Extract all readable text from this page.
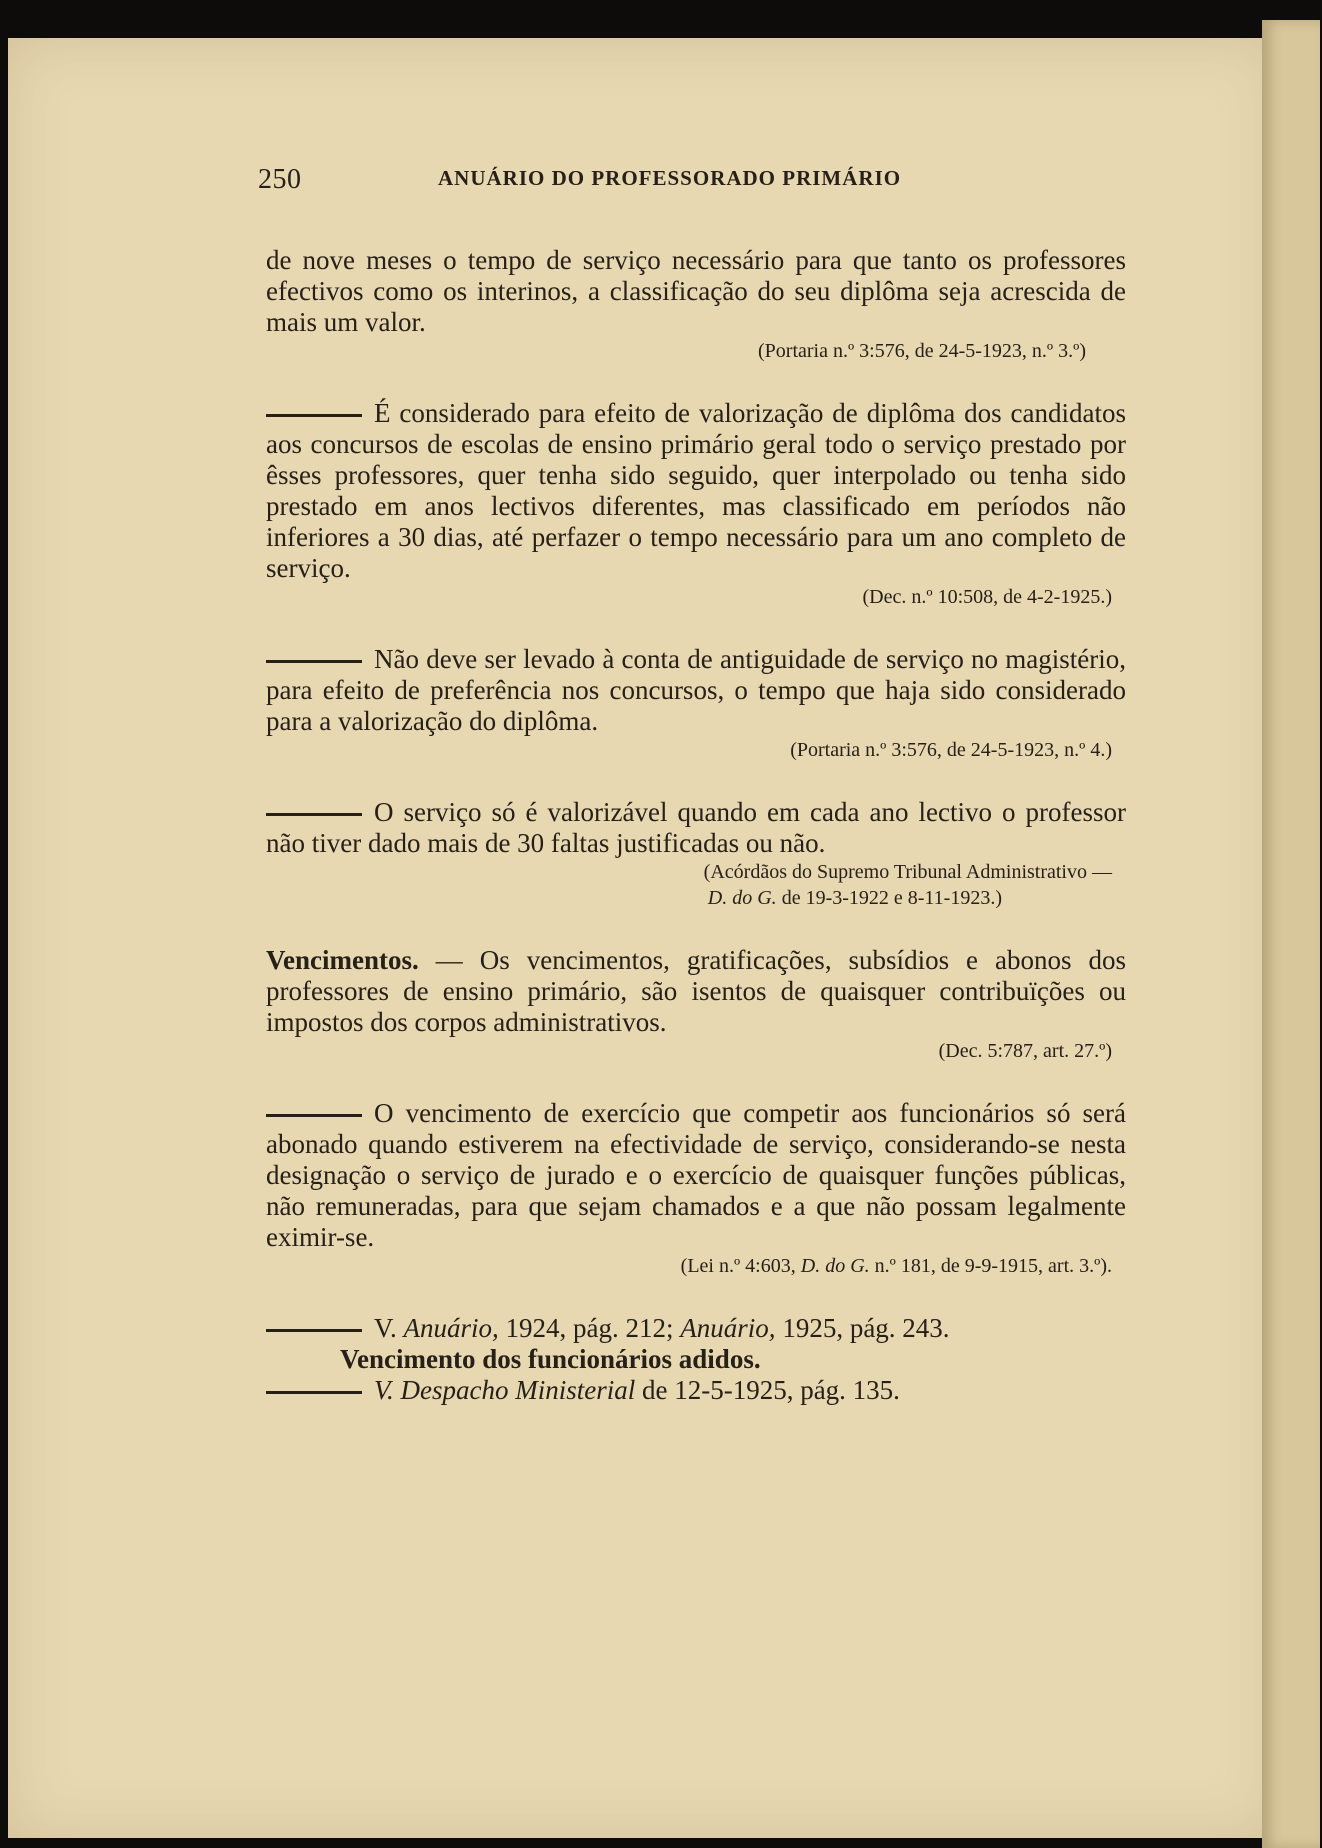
250	ANUÁRIO DO PROFESSORADO PRIMÁRIO

de nove meses o tempo de serviço necessário para que tanto os professores efectivos como os interinos, a classificação do seu diplôma seja acrescida de mais um valor.

(Portaria n.º 3:576, de 24-5-1923, n.º 3.º)

É considerado para efeito de valorização de diplôma dos candidatos aos concursos de escolas de ensino primário geral todo o serviço prestado por êsses professores, quer tenha sido seguido, quer interpolado ou tenha sido prestado em anos lectivos diferentes, mas classificado em períodos não inferiores a 30 dias, até perfazer o tempo necessário para um ano completo de serviço.

(Dec. n.º 10:508, de 4-2-1925.)

Não deve ser levado à conta de antiguidade de serviço no magistério, para efeito de preferência nos concursos, o tempo que haja sido considerado para a valorização do diplôma.

(Portaria n.º 3:576, de 24-5-1923, n.º 4.)

O serviço só é valorizável quando em cada ano lectivo o professor não tiver dado mais de 30 faltas justificadas ou não.

(Acórdãos do Supremo Tribunal Administrativo —
D. do G. de 19-3-1922 e 8-11-1923.)

Vencimentos. — Os vencimentos, gratificações, subsídios e abonos dos professores de ensino primário, são isentos de quaisquer contribuïções ou impostos dos corpos administrativos.

(Dec. 5:787, art. 27.º)

O vencimento de exercício que competir aos funcionários só será abonado quando estiverem na efectividade de serviço, considerando-se nesta designação o serviço de jurado e o exercício de quaisquer funções públicas, não remuneradas, para que sejam chamados e a que não possam legalmente eximir-se.

(Lei n.º 4:603, D. do G. n.º 181, de 9-9-1915, art. 3.º).

V. Anuário, 1924, pág. 212; Anuário, 1925, pág. 243.

Vencimento dos funcionários adidos.

V. Despacho Ministerial de 12-5-1925, pág. 135.
